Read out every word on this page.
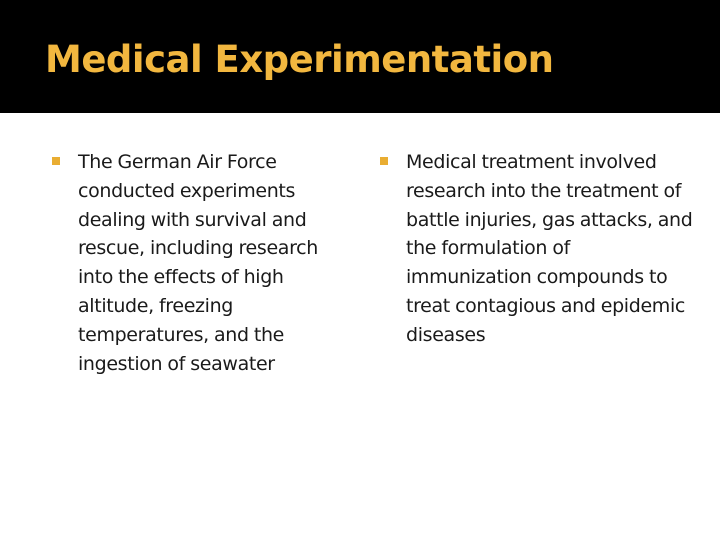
Medical Experimentation

The German Air Force conducted experiments dealing with survival and rescue, including research into the effects of high altitude, freezing temperatures, and the ingestion of seawater

Medical treatment involved research into the treatment of battle injuries, gas attacks, and the formulation of immunization compounds to treat contagious and epidemic diseases
